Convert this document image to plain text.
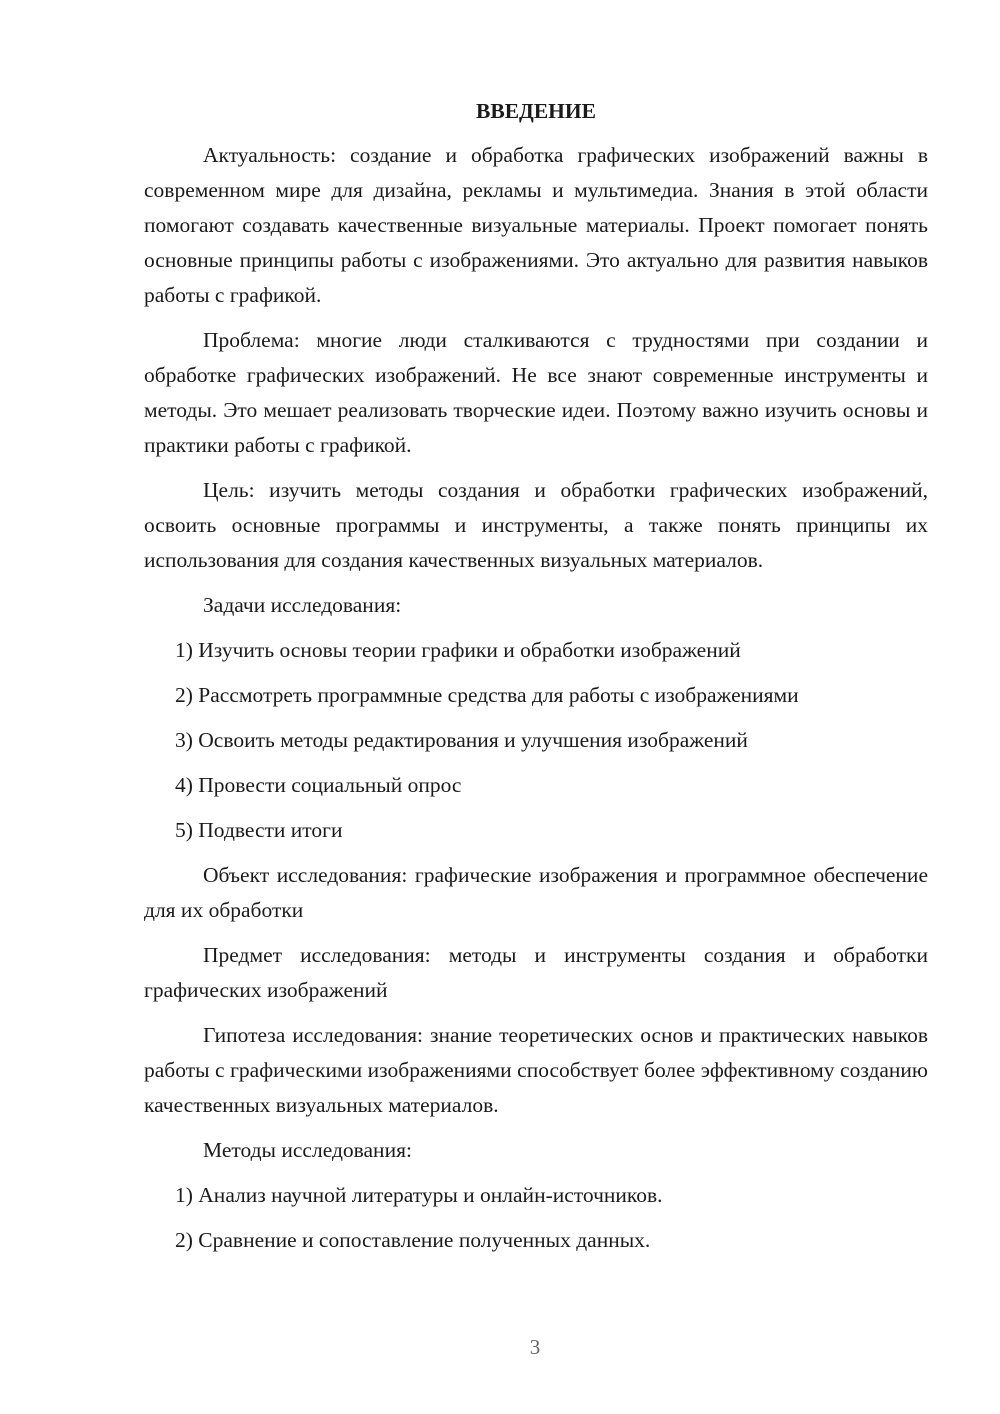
ВВЕДЕНИЕ

Актуальность: создание и обработка графических изображений важны в современном мире для дизайна, рекламы и мультимедиа. Знания в этой области помогают создавать качественные визуальные материалы. Проект помогает понять основные принципы работы с изображениями. Это актуально для развития навыков работы с графикой.

Проблема: многие люди сталкиваются с трудностями при создании и обработке графических изображений. Не все знают современные инструменты и методы. Это мешает реализовать творческие идеи. Поэтому важно изучить основы и практики работы с графикой.

Цель: изучить методы создания и обработки графических изображений, освоить основные программы и инструменты, а также понять принципы их использования для создания качественных визуальных материалов.

Задачи исследования:
1) Изучить основы теории графики и обработки изображений
2) Рассмотреть программные средства для работы с изображениями
3) Освоить методы редактирования и улучшения изображений
4) Провести социальный опрос
5) Подвести итоги

Объект исследования: графические изображения и программное обеспечение для их обработки

Предмет исследования: методы и инструменты создания и обработки графических изображений

Гипотеза исследования: знание теоретических основ и практических навыков работы с графическими изображениями способствует более эффективному созданию качественных визуальных материалов.

Методы исследования:
1) Анализ научной литературы и онлайн-источников.
2) Сравнение и сопоставление полученных данных.
3
